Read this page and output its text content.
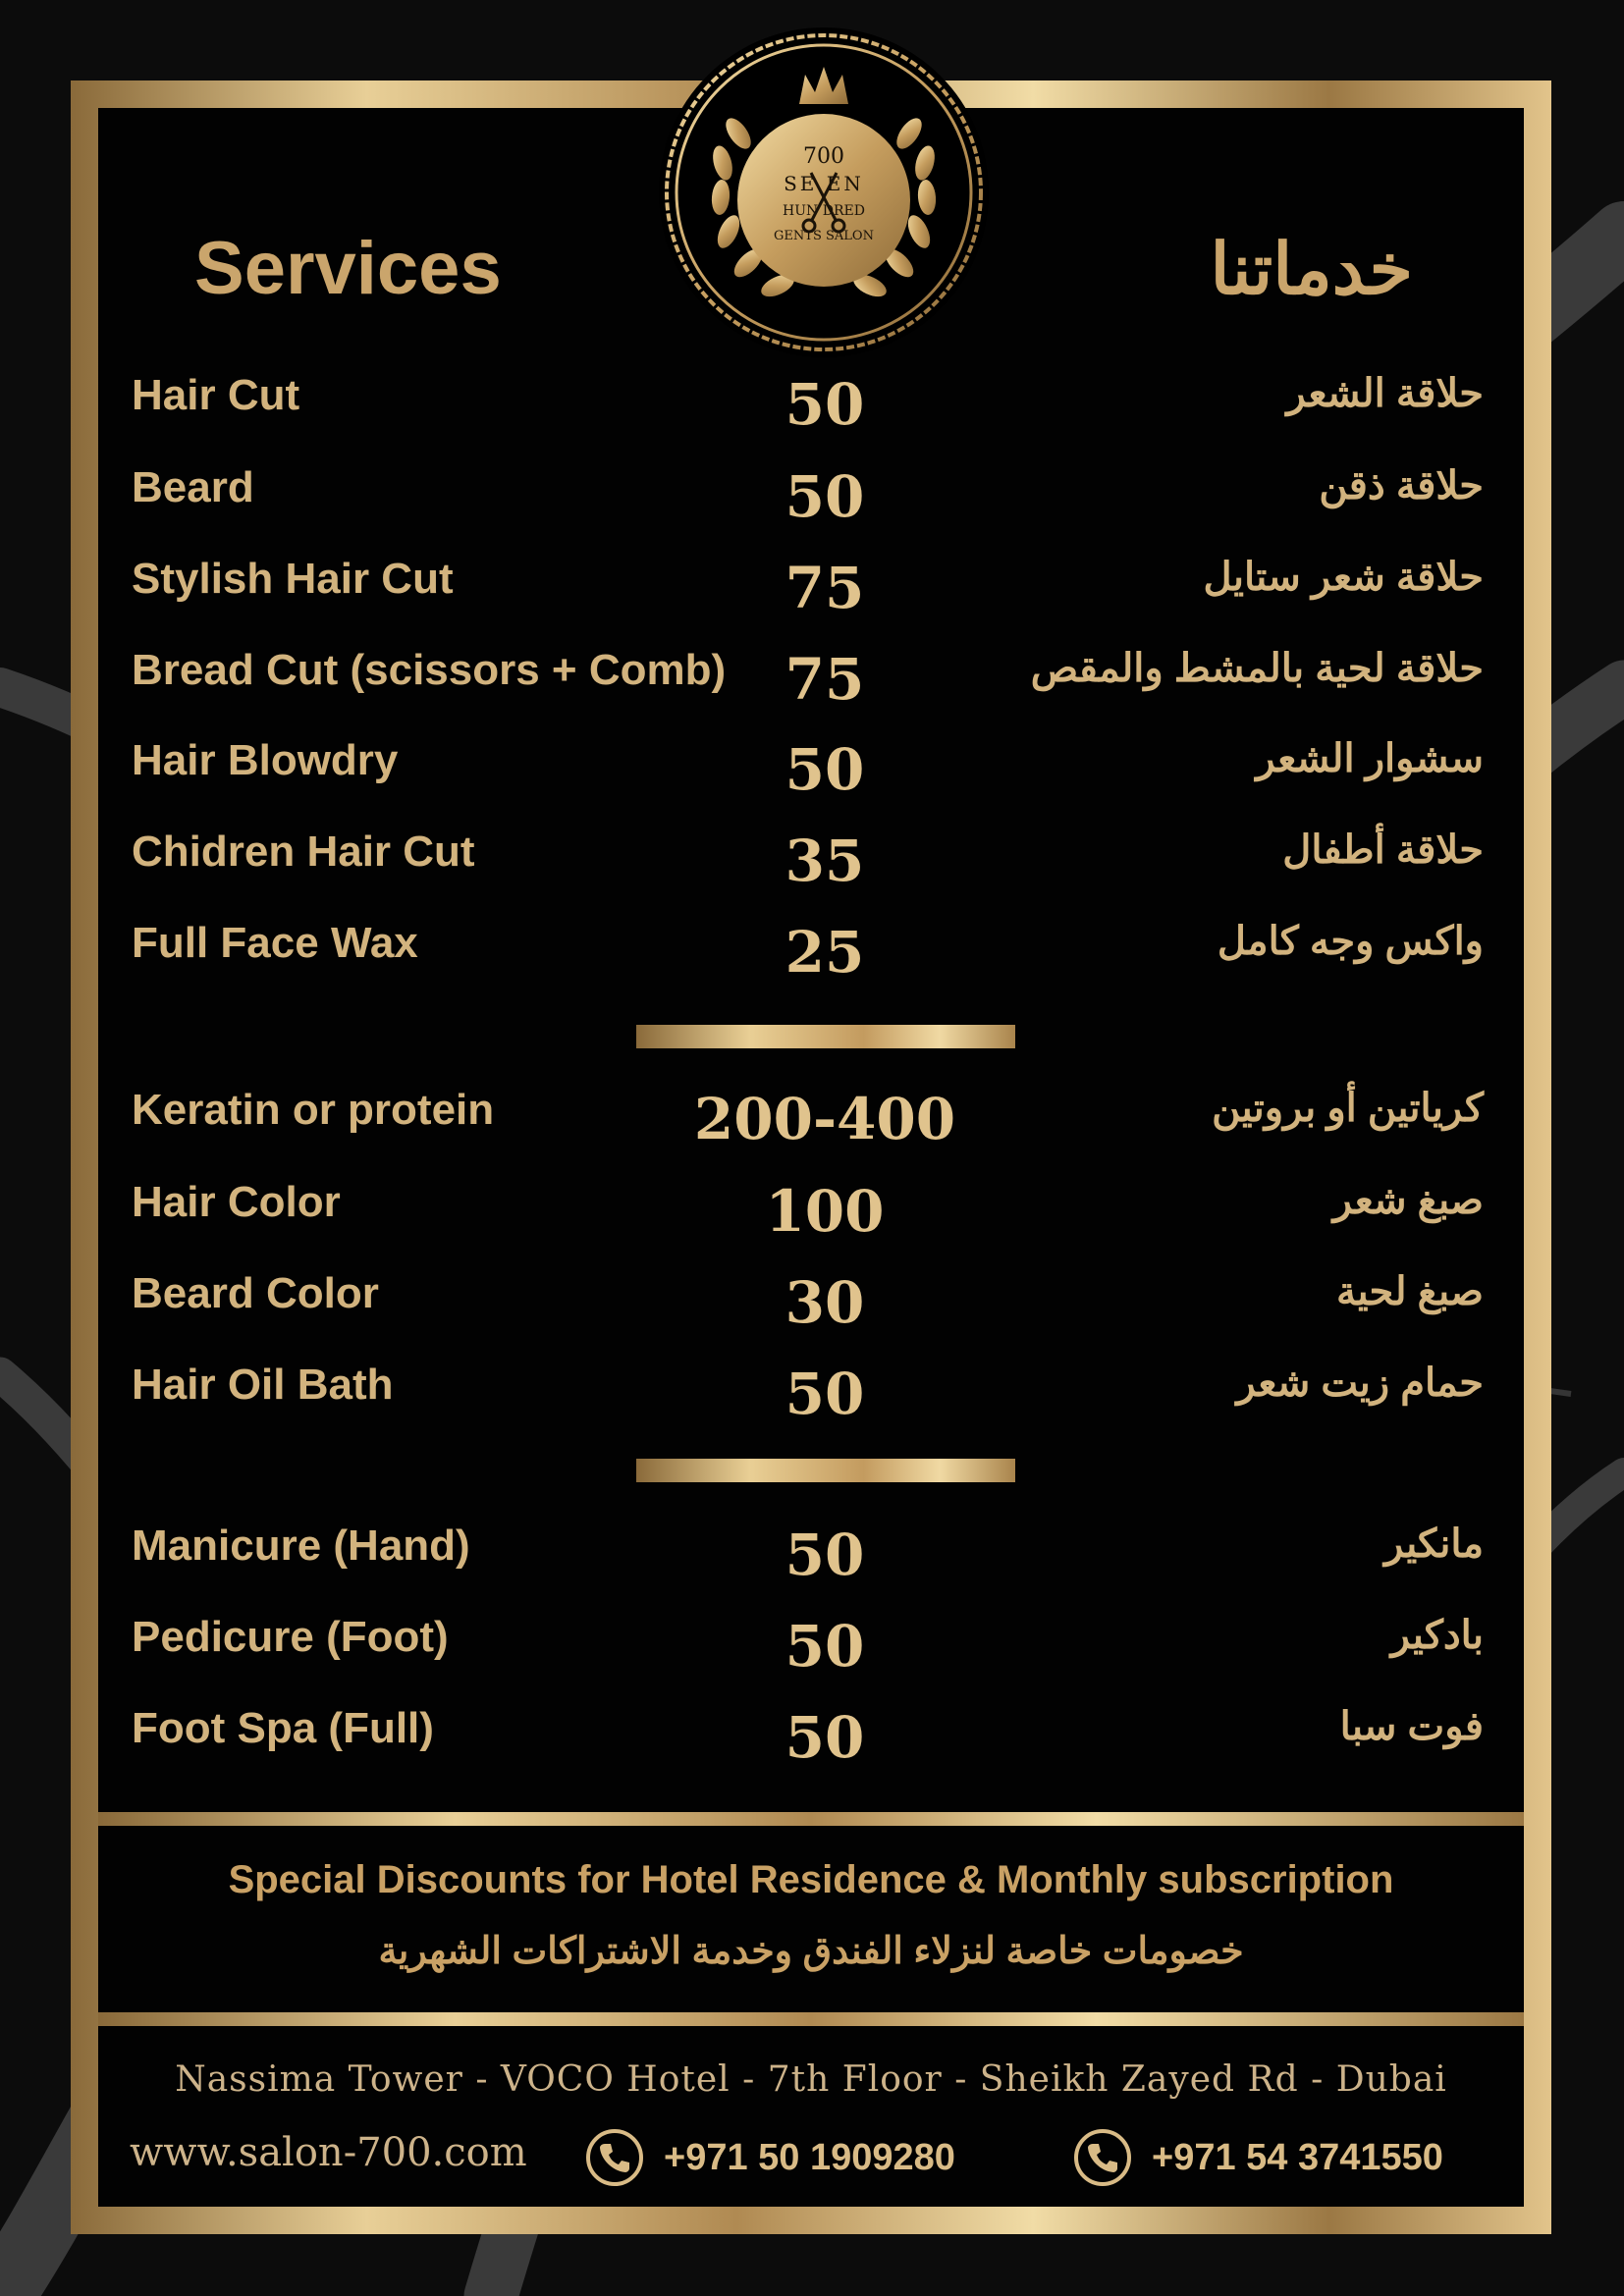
700
SE EN
HUN DRED
GENTS SALON
Services	خدماتنا
Hair Cut	50	حلاقة الشعر
Beard	50	حلاقة ذقن
Stylish Hair Cut	75	حلاقة شعر ستايل
Bread Cut (scissors + Comb)	75	حلاقة لحية بالمشط والمقص
Hair Blowdry	50	سشوار الشعر
Chidren Hair Cut	35	حلاقة أطفال
Full Face Wax	25	واكس وجه كامل
Keratin or protein	200-400	كرياتين أو بروتين
Hair Color	100	صبغ شعر
Beard Color	30	صبغ لحية
Hair Oil Bath	50	حمام زيت شعر
Manicure (Hand)	50	مانكير
Pedicure (Foot)	50	بادكير
Foot Spa (Full)	50	فوت سبا
Special Discounts for Hotel Residence & Monthly subscription
خصومات خاصة لنزلاء الفندق وخدمة الاشتراكات الشهرية
Nassima Tower - VOCO Hotel - 7th Floor - Sheikh Zayed Rd - Dubai
www.salon-700.com	+971 50 1909280	+971 54 3741550
